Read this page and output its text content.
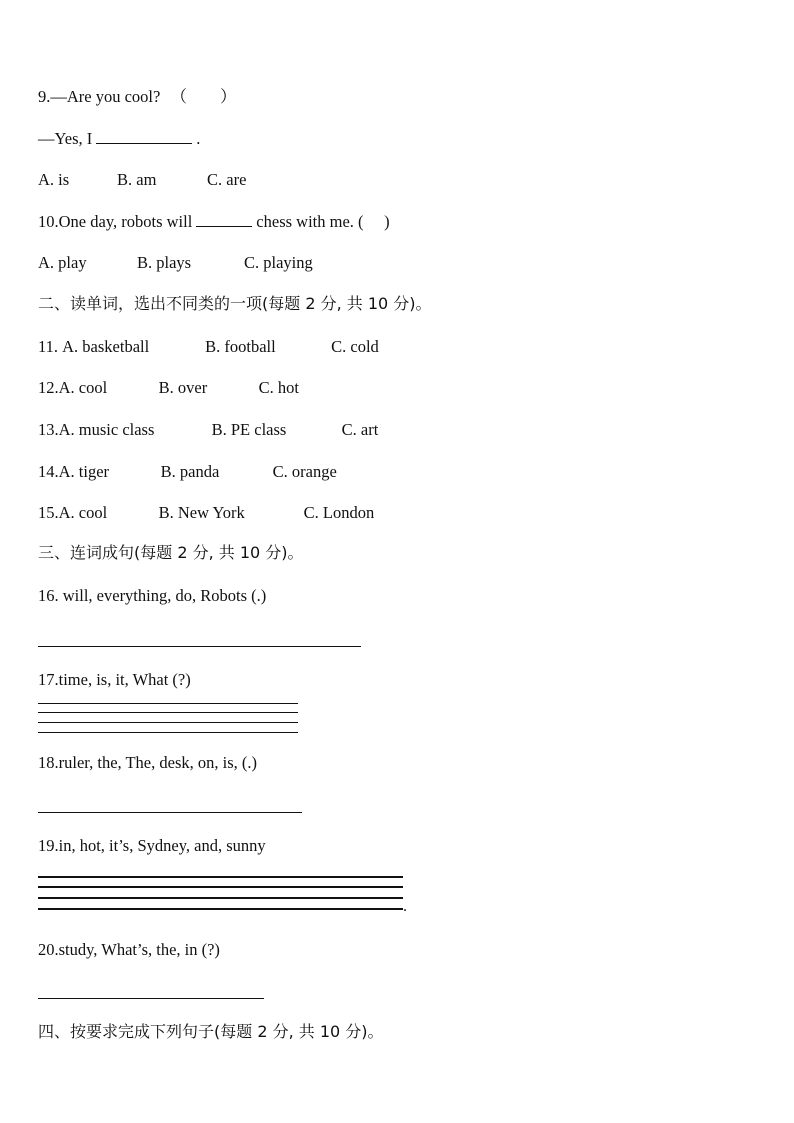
9.—Are you cool? （　　）
—Yes, I	.
A. is	B. am	C. are
10.One day, robots will	chess with me. (　 )
A. play	B. plays	C. playing
二、读单词，选出不同类的一项(每题 2 分, 共 10 分)。
11. A. basketball	B. football	C. cold
12.A. cool	B. over	C. hot
13.A. music class	B. PE class	C. art
14.A. tiger	B. panda	C. orange
15.A. cool	B. New York	C. London
三、连词成句(每题 2 分, 共 10 分)。
16. will, everything, do, Robots (.)
17.time, is, it, What (?)
18.ruler, the, The, desk, on, is, (.)
19.in, hot, it’s, Sydney, and, sunny
.
20.study, What’s, the, in (?)
四、按要求完成下列句子(每题 2 分, 共 10 分)。
